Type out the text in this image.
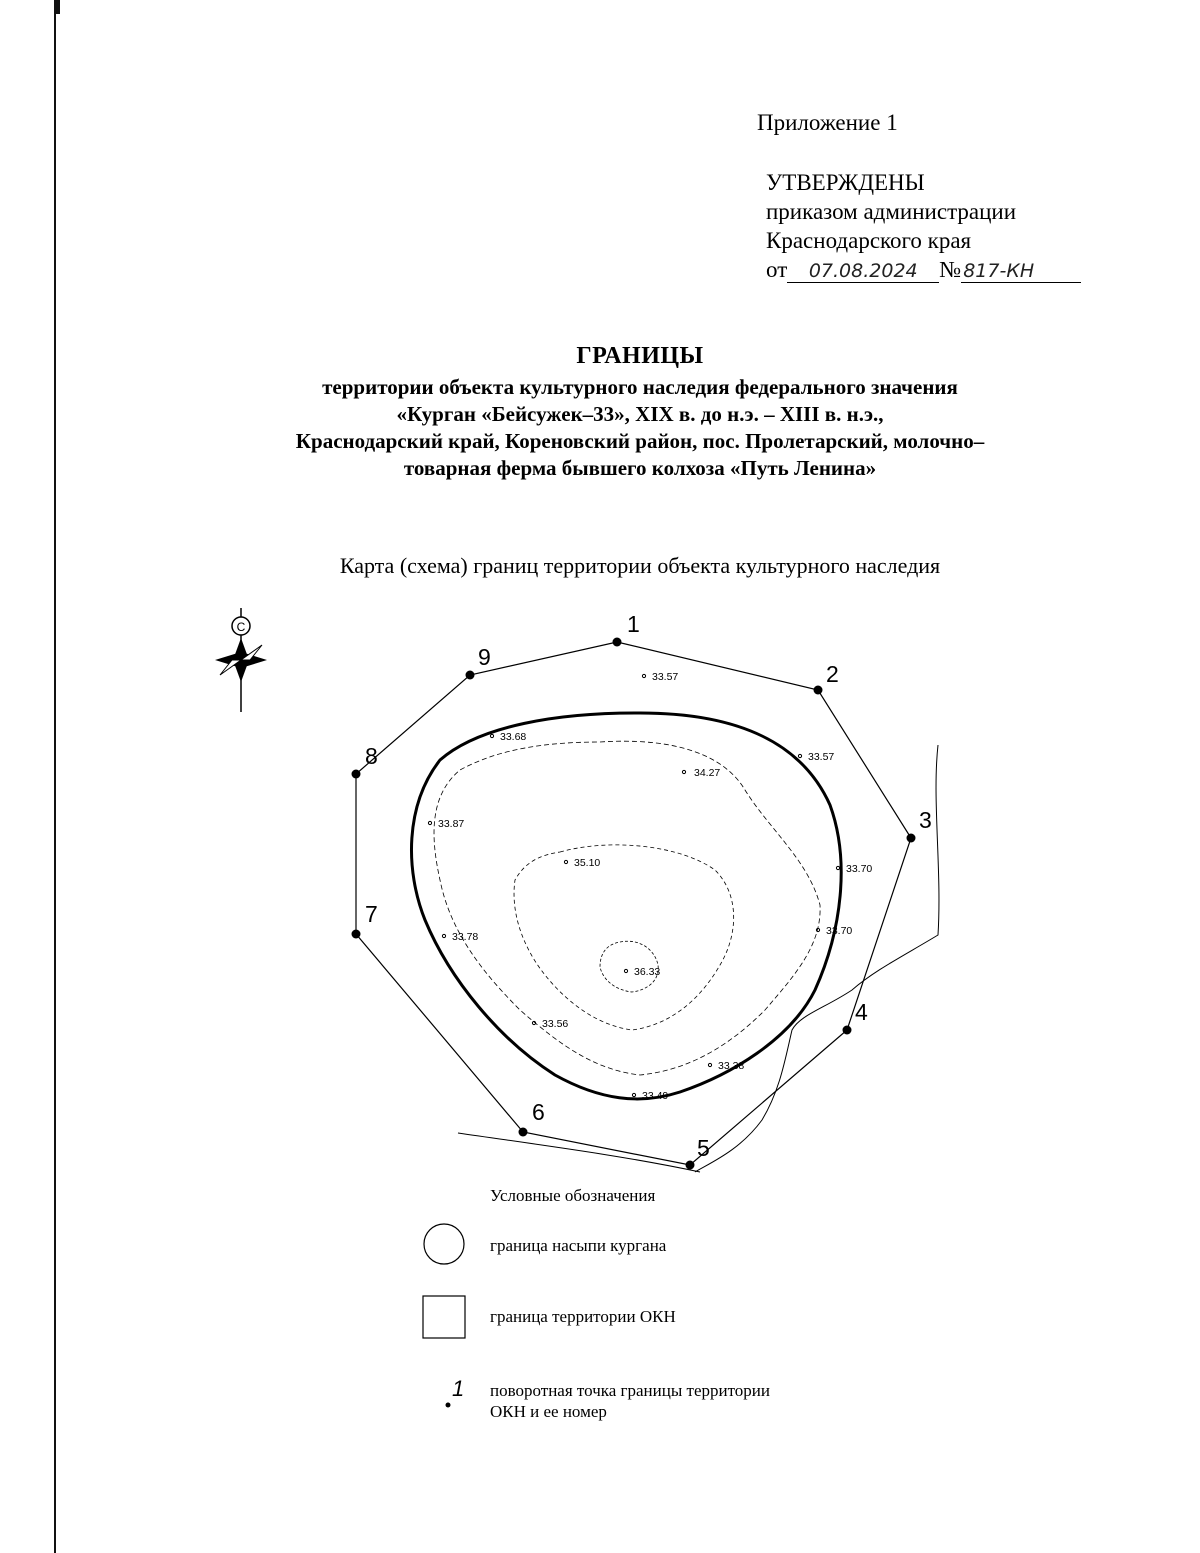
Приложение 1
УТВЕРЖДЕНЫ
приказом администрации
Краснодарского края
от 07.08.2024 № 817-КН
ГРАНИЦЫ
территории объекта культурного наследия федерального значения
«Курган «Бейсужек–33», XIX в. до н.э. – XIII в. н.э.,
Краснодарский край, Кореновский район, пос. Пролетарский, молочно–
товарная ферма бывшего колхоза «Путь Ленина»
Карта (схема) границ территории объекта культурного наследия
С
33.57
33.57
34.27
33.68
33.87
35.10	33.70
33.70
36.33
33.78
33.56
33.38
33.49
1
2
3
4
5
6
7
8
9
1
Условные обозначения
граница насыпи кургана
граница территории ОКН
поворотная точка границы территории
ОКН и ее номер
